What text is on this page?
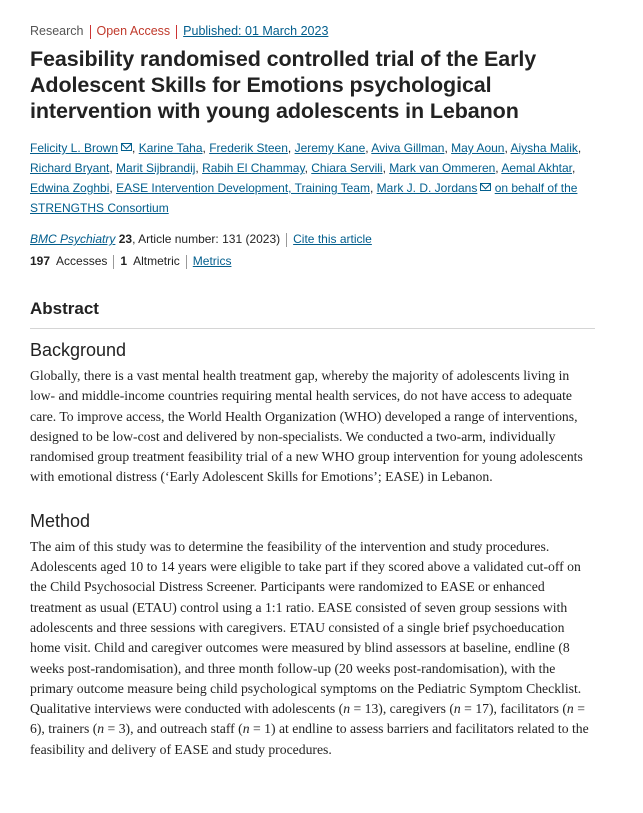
Research Open Access Published: 01 March 2023
Feasibility randomised controlled trial of the Early Adolescent Skills for Emotions psychological intervention with young adolescents in Lebanon
Felicity L. Brown , Karine Taha, Frederik Steen, Jeremy Kane, Aviva Gillman, May Aoun, Aiysha Malik,
Richard Bryant, Marit Sijbrandij, Rabih El Chammay, Chiara Servili, Mark van Ommeren, Aemal Akhtar,
Edwina Zoghbi, EASE Intervention Development, Training Team, Mark J. D. Jordans on behalf of the STRENGTHS Consortium
BMC Psychiatry 23, Article number: 131 (2023) Cite this article
197 Accesses 1 Altmetric Metrics
Abstract
Background

Globally, there is a vast mental health treatment gap, whereby the majority of adolescents living in low- and middle-income countries requiring mental health services, do not have access to adequate care. To improve access, the World Health Organization (WHO) developed a range of interventions, designed to be low-cost and delivered by non-specialists. We conducted a two-arm, individually randomised group treatment feasibility trial of a new WHO group intervention for young adolescents with emotional distress (‘Early Adolescent Skills for Emotions’; EASE) in Lebanon.

Method

The aim of this study was to determine the feasibility of the intervention and study procedures. Adolescents aged 10 to 14 years were eligible to take part if they scored above a validated cut-off on the Child Psychosocial Distress Screener. Participants were randomized to EASE or enhanced treatment as usual (ETAU) control using a 1:1 ratio. EASE consisted of seven group sessions with adolescents and three sessions with caregivers. ETAU consisted of a single brief psychoeducation home visit. Child and caregiver outcomes were measured by blind assessors at baseline, endline (8 weeks post-randomisation), and three month follow-up (20 weeks post-randomisation), with the primary outcome measure being child psychological symptoms on the Pediatric Symptom Checklist. Qualitative interviews were conducted with adolescents (n = 13), caregivers (n = 17), facilitators (n = 6), trainers (n = 3), and outreach staff (n = 1) at endline to assess barriers and facilitators related to the feasibility and delivery of EASE and study procedures.
